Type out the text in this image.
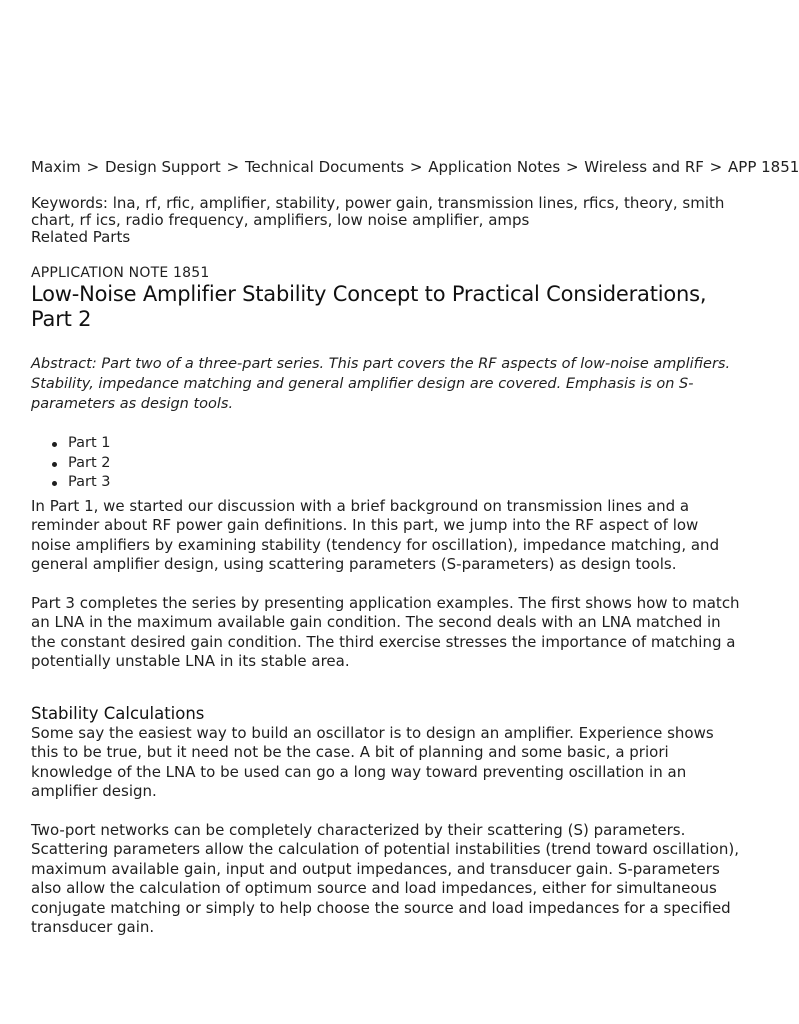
Maxim > Design Support > Technical Documents > Application Notes > Wireless and RF > APP 1851
Keywords: lna, rf, rfic, amplifier, stability, power gain, transmission lines, rfics, theory, smith chart, rf ics, radio frequency, amplifiers, low noise amplifier, amps
Related Parts
APPLICATION NOTE 1851
Low-Noise Amplifier Stability Concept to Practical Considerations, Part 2
Abstract: Part two of a three-part series. This part covers the RF aspects of low-noise amplifiers. Stability, impedance matching and general amplifier design are covered. Emphasis is on S-parameters as design tools.
Part 1
Part 2
Part 3

In Part 1, we started our discussion with a brief background on transmission lines and a reminder about RF power gain definitions. In this part, we jump into the RF aspect of low noise amplifiers by examining stability (tendency for oscillation), impedance matching, and general amplifier design, using scattering parameters (S-parameters) as design tools.

Part 3 completes the series by presenting application examples. The first shows how to match an LNA in the maximum available gain condition. The second deals with an LNA matched in the constant desired gain condition. The third exercise stresses the importance of matching a potentially unstable LNA in its stable area.

Stability Calculations

Some say the easiest way to build an oscillator is to design an amplifier. Experience shows this to be true, but it need not be the case. A bit of planning and some basic, a priori knowledge of the LNA to be used can go a long way toward preventing oscillation in an amplifier design.

Two-port networks can be completely characterized by their scattering (S) parameters. Scattering parameters allow the calculation of potential instabilities (trend toward oscillation), maximum available gain, input and output impedances, and transducer gain. S-parameters also allow the calculation of optimum source and load impedances, either for simultaneous conjugate matching or simply to help choose the source and load impedances for a specified transducer gain.
